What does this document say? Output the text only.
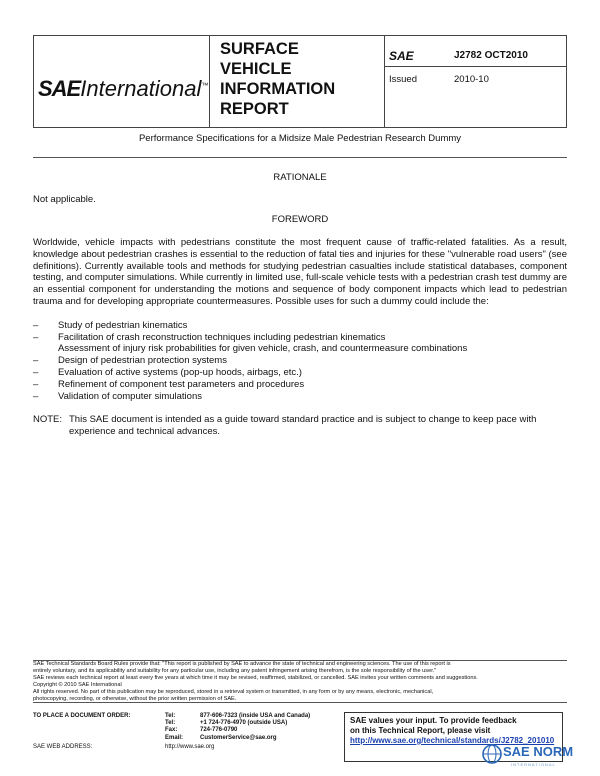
SAEInternational™
SURFACE
VEHICLE
INFORMATION
REPORT
SAE	J2782 OCT2010
Issued	2010-10
Performance Specifications for a Midsize Male Pedestrian Research Dummy
RATIONALE
Not applicable.
FOREWORD
Worldwide, vehicle impacts with pedestrians constitute the most frequent cause of traffic-related fatalities. As a result, knowledge about pedestrian crashes is essential to the reduction of fatal ties and injuries for these "vulnerable road users" (see definitions). Currently available tools and methods for studying pedestrian casualties include statistical databases, component testing, and computer simulations. While currently in limited use, full-scale vehicle tests with a pedestrian crash test dummy are an essential component for understanding the motions and sequence of body component impacts which lead to pedestrian trauma and for developing appropriate countermeasures. Possible uses for such a dummy could include the:
– Study of pedestrian kinematics
– Facilitation of crash reconstruction techniques including pedestrian kinematics
Assessment of injury risk probabilities for given vehicle, crash, and countermeasure combinations
– Design of pedestrian protection systems
– Evaluation of active systems (pop-up hoods, airbags, etc.)
– Refinement of component test parameters and procedures
– Validation of computer simulations
NOTE: This SAE document is intended as a guide toward standard practice and is subject to change to keep pace with experience and technical advances.
SAE Technical Standards Board Rules provide that: "This report is published by SAE to advance the state of technical and engineering sciences. The use of this report is
entirely voluntary, and its applicability and suitability for any particular use, including any patent infringement arising therefrom, is the sole responsibility of the user."
SAE reviews each technical report at least every five years at which time it may be revised, reaffirmed, stabilized, or cancelled. SAE invites your written comments and suggestions.
Copyright © 2010 SAE International
All rights reserved. No part of this publication may be reproduced, stored in a retrieval system or transmitted, in any form or by any means, electronic, mechanical,
photocopying, recording, or otherwise, without the prior written permission of SAE.
TO PLACE A DOCUMENT ORDER:	Tel:	877-606-7323 (inside USA and Canada)
Tel:	+1 724-776-4970 (outside USA)
Fax:	724-776-0790
Email:	CustomerService@sae.org
SAE WEB ADDRESS:	http://www.sae.org
SAE values your input. To provide feedback
on this Technical Report, please visit
http://www.sae.org/technical/standards/J2782_201010
SAE NORM
INTERNATIONAL
